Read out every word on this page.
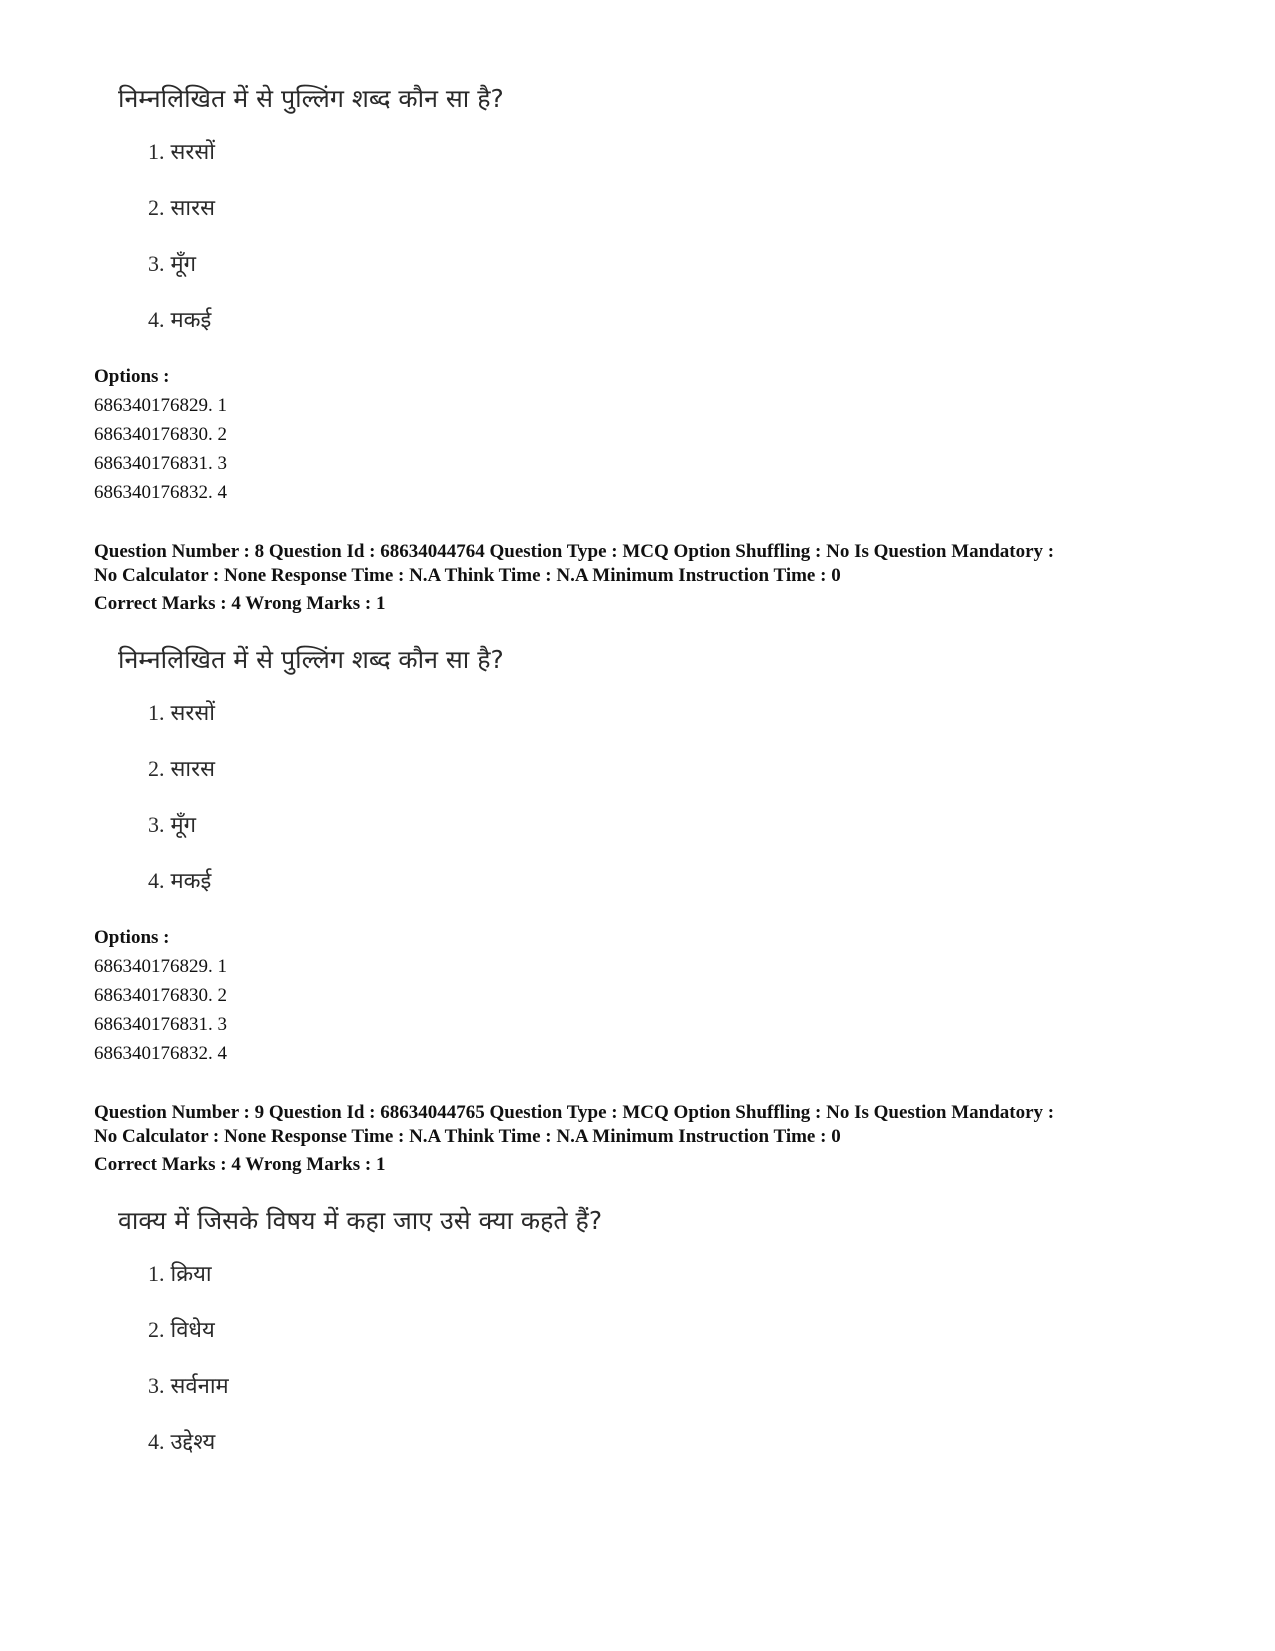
निम्नलिखित में से पुल्लिंग शब्द कौन सा है?

1. सरसों
2. सारस
3. मूँग
4. मकई
Options :
686340176829. 1
686340176830. 2
686340176831. 3
686340176832. 4
Question Number : 8 Question Id : 68634044764 Question Type : MCQ Option Shuffling : No Is Question Mandatory :
No Calculator : None Response Time : N.A Think Time : N.A Minimum Instruction Time : 0
Correct Marks : 4 Wrong Marks : 1

निम्नलिखित में से पुल्लिंग शब्द कौन सा है?

1. सरसों
2. सारस
3. मूँग
4. मकई
Options :
686340176829. 1
686340176830. 2
686340176831. 3
686340176832. 4
Question Number : 9 Question Id : 68634044765 Question Type : MCQ Option Shuffling : No Is Question Mandatory :
No Calculator : None Response Time : N.A Think Time : N.A Minimum Instruction Time : 0
Correct Marks : 4 Wrong Marks : 1

वाक्य में जिसके विषय में कहा जाए उसे क्या कहते हैं?

1. क्रिया
2. विधेय
3. सर्वनाम
4. उद्देश्य
